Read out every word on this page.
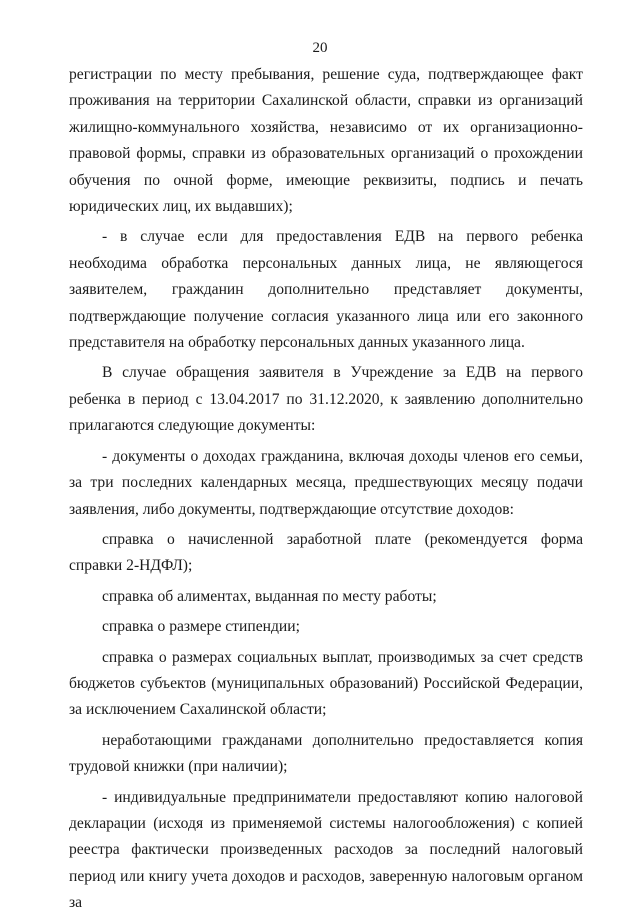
20

регистрации по месту пребывания, решение суда, подтверждающее факт проживания на территории Сахалинской области, справки из организаций жилищно-коммунального хозяйства, независимо от их организационно-правовой формы, справки из образовательных организаций о прохождении обучения по очной форме, имеющие реквизиты, подпись и печать юридических лиц, их выдавших);

- в случае если для предоставления ЕДВ на первого ребенка необходима обработка персональных данных лица, не являющегося заявителем, гражданин дополнительно представляет документы, подтверждающие получение согласия указанного лица или его законного представителя на обработку персональных данных указанного лица.

В случае обращения заявителя в Учреждение за ЕДВ на первого ребенка в период с 13.04.2017 по 31.12.2020, к заявлению дополнительно прилагаются следующие документы:

- документы о доходах гражданина, включая доходы членов его семьи, за три последних календарных месяца, предшествующих месяцу подачи заявления, либо документы, подтверждающие отсутствие доходов:

справка о начисленной заработной плате (рекомендуется форма справки 2-НДФЛ);

справка об алиментах, выданная по месту работы;

справка о размере стипендии;

справка о размерах социальных выплат, производимых за счет средств бюджетов субъектов (муниципальных образований) Российской Федерации, за исключением Сахалинской области;

неработающими гражданами дополнительно предоставляется копия трудовой книжки (при наличии);

- индивидуальные предприниматели предоставляют копию налоговой декларации (исходя из применяемой системы налогообложения) с копией реестра фактически произведенных расходов за последний налоговый период или книгу учета доходов и расходов, заверенную налоговым органом за
